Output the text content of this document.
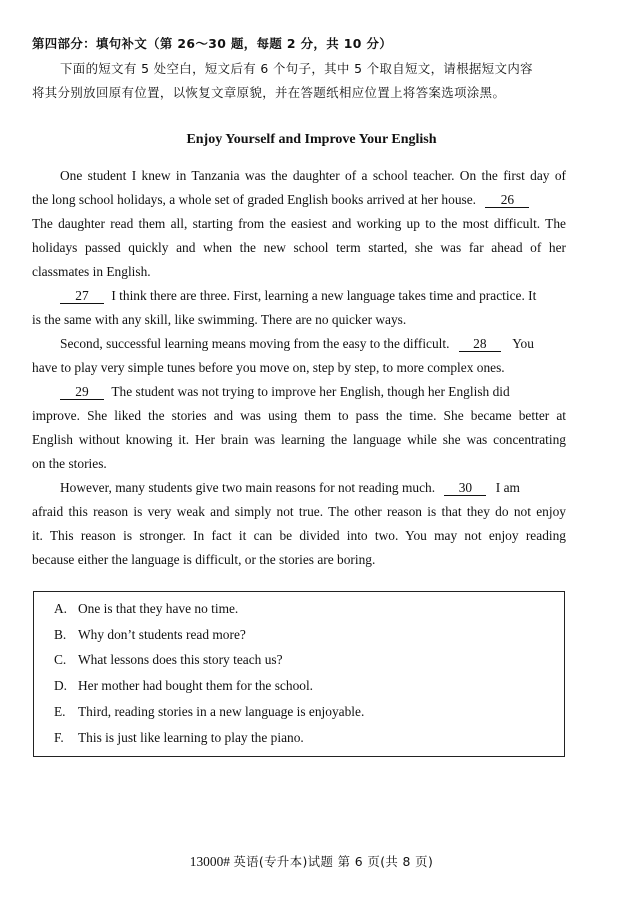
第四部分：填句补文（第 26～30 题，每题 2 分，共 10 分）
下面的短文有 5 处空白，短文后有 6 个句子，其中 5 个取自短文，请根据短文内容
将其分别放回原有位置，以恢复文章原貌，并在答题纸相应位置上将答案选项涂黑。
Enjoy Yourself and Improve Your English
One student I knew in Tanzania was the daughter of a school teacher. On the first day of
the long school holidays, a whole set of graded English books arrived at her house. 26
The daughter read them all, starting from the easiest and working up to the most difficult. The
holidays passed quickly and when the new school term started, she was far ahead of her
classmates in English.
27 I think there are three. First, learning a new language takes time and practice. It
is the same with any skill, like swimming. There are no quicker ways.
Second, successful learning means moving from the easy to the difficult. 28 You
have to play very simple tunes before you move on, step by step, to more complex ones.
29 The student was not trying to improve her English, though her English did
improve. She liked the stories and was using them to pass the time. She became better at
English without knowing it. Her brain was learning the language while she was concentrating
on the stories.
However, many students give two main reasons for not reading much. 30 I am
afraid this reason is very weak and simply not true. The other reason is that they do not enjoy
it. This reason is stronger. In fact it can be divided into two. You may not enjoy reading
because either the language is difficult, or the stories are boring.
A. One is that they have no time.
B. Why don’t students read more?
C. What lessons does this story teach us?
D. Her mother had bought them for the school.
E. Third, reading stories in a new language is enjoyable.
F. This is just like learning to play the piano.
13000# 英语(专升本)试题 第 6 页(共 8 页)
